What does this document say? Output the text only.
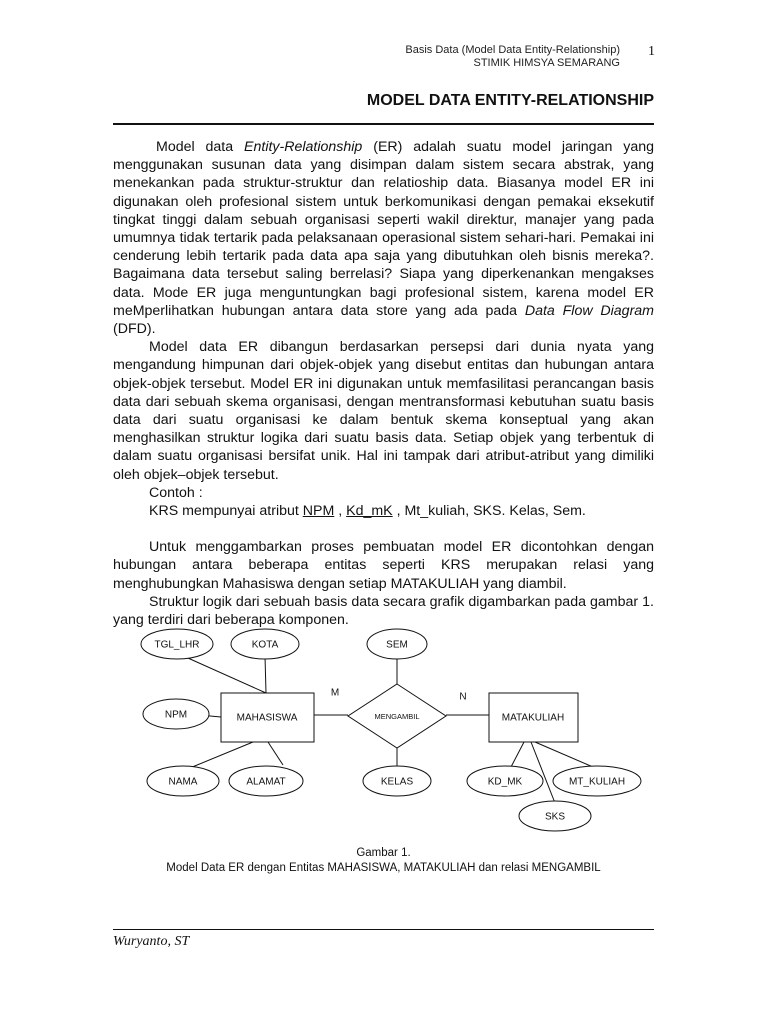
Basis Data (Model Data Entity-Relationship)
STIMIK HIMSYA SEMARANG
1
MODEL DATA ENTITY-RELATIONSHIP

Model data Entity-Relationship (ER) adalah suatu model jaringan yang menggunakan susunan data yang disimpan dalam sistem secara abstrak, yang menekankan pada struktur-struktur dan relatioship data. Biasanya model ER ini digunakan oleh profesional sistem untuk berkomunikasi dengan pemakai eksekutif tingkat tinggi dalam sebuah organisasi seperti wakil direktur, manajer yang pada umumnya tidak tertarik pada pelaksanaan operasional sistem sehari-hari. Pemakai ini cenderung lebih tertarik pada data apa saja yang dibutuhkan oleh bisnis mereka?. Bagaimana data tersebut saling berrelasi? Siapa yang diperkenankan mengakses data. Mode ER juga menguntungkan bagi profesional sistem, karena model ER meMperlihatkan hubungan antara data store yang ada pada Data Flow Diagram (DFD).

Model data ER dibangun berdasarkan persepsi dari dunia nyata yang mengandung himpunan dari objek-objek yang disebut entitas dan hubungan antara objek-objek tersebut. Model ER ini digunakan untuk memfasilitasi perancangan basis data dari sebuah skema organisasi, dengan mentransformasi kebutuhan suatu basis data dari suatu organisasi ke dalam bentuk skema konseptual yang akan menghasilkan struktur logika dari suatu basis data. Setiap objek yang terbentuk di dalam suatu organisasi bersifat unik. Hal ini tampak dari atribut-atribut yang dimiliki oleh objek–objek tersebut.

Contoh :

KRS mempunyai atribut NPM , Kd_mK , Mt_kuliah, SKS. Kelas, Sem.

Untuk menggambarkan proses pembuatan model ER dicontohkan dengan hubungan antara beberapa entitas seperti KRS merupakan relasi yang menghubungkan Mahasiswa dengan setiap MATAKULIAH yang diambil.

Struktur logik dari sebuah basis data secara grafik digambarkan pada gambar 1. yang terdiri dari beberapa komponen.

TGL_LHR	KOTA	SEM
NPM
NAMA	ALAMAT	KELAS	KD_MK	MT_KULIAH
SKS
MAHASISWA	MATAKULIAH
MENGAMBIL
M	N
Gambar 1.
Model Data ER dengan Entitas MAHASISWA, MATAKULIAH dan relasi MENGAMBIL
Wuryanto, ST
